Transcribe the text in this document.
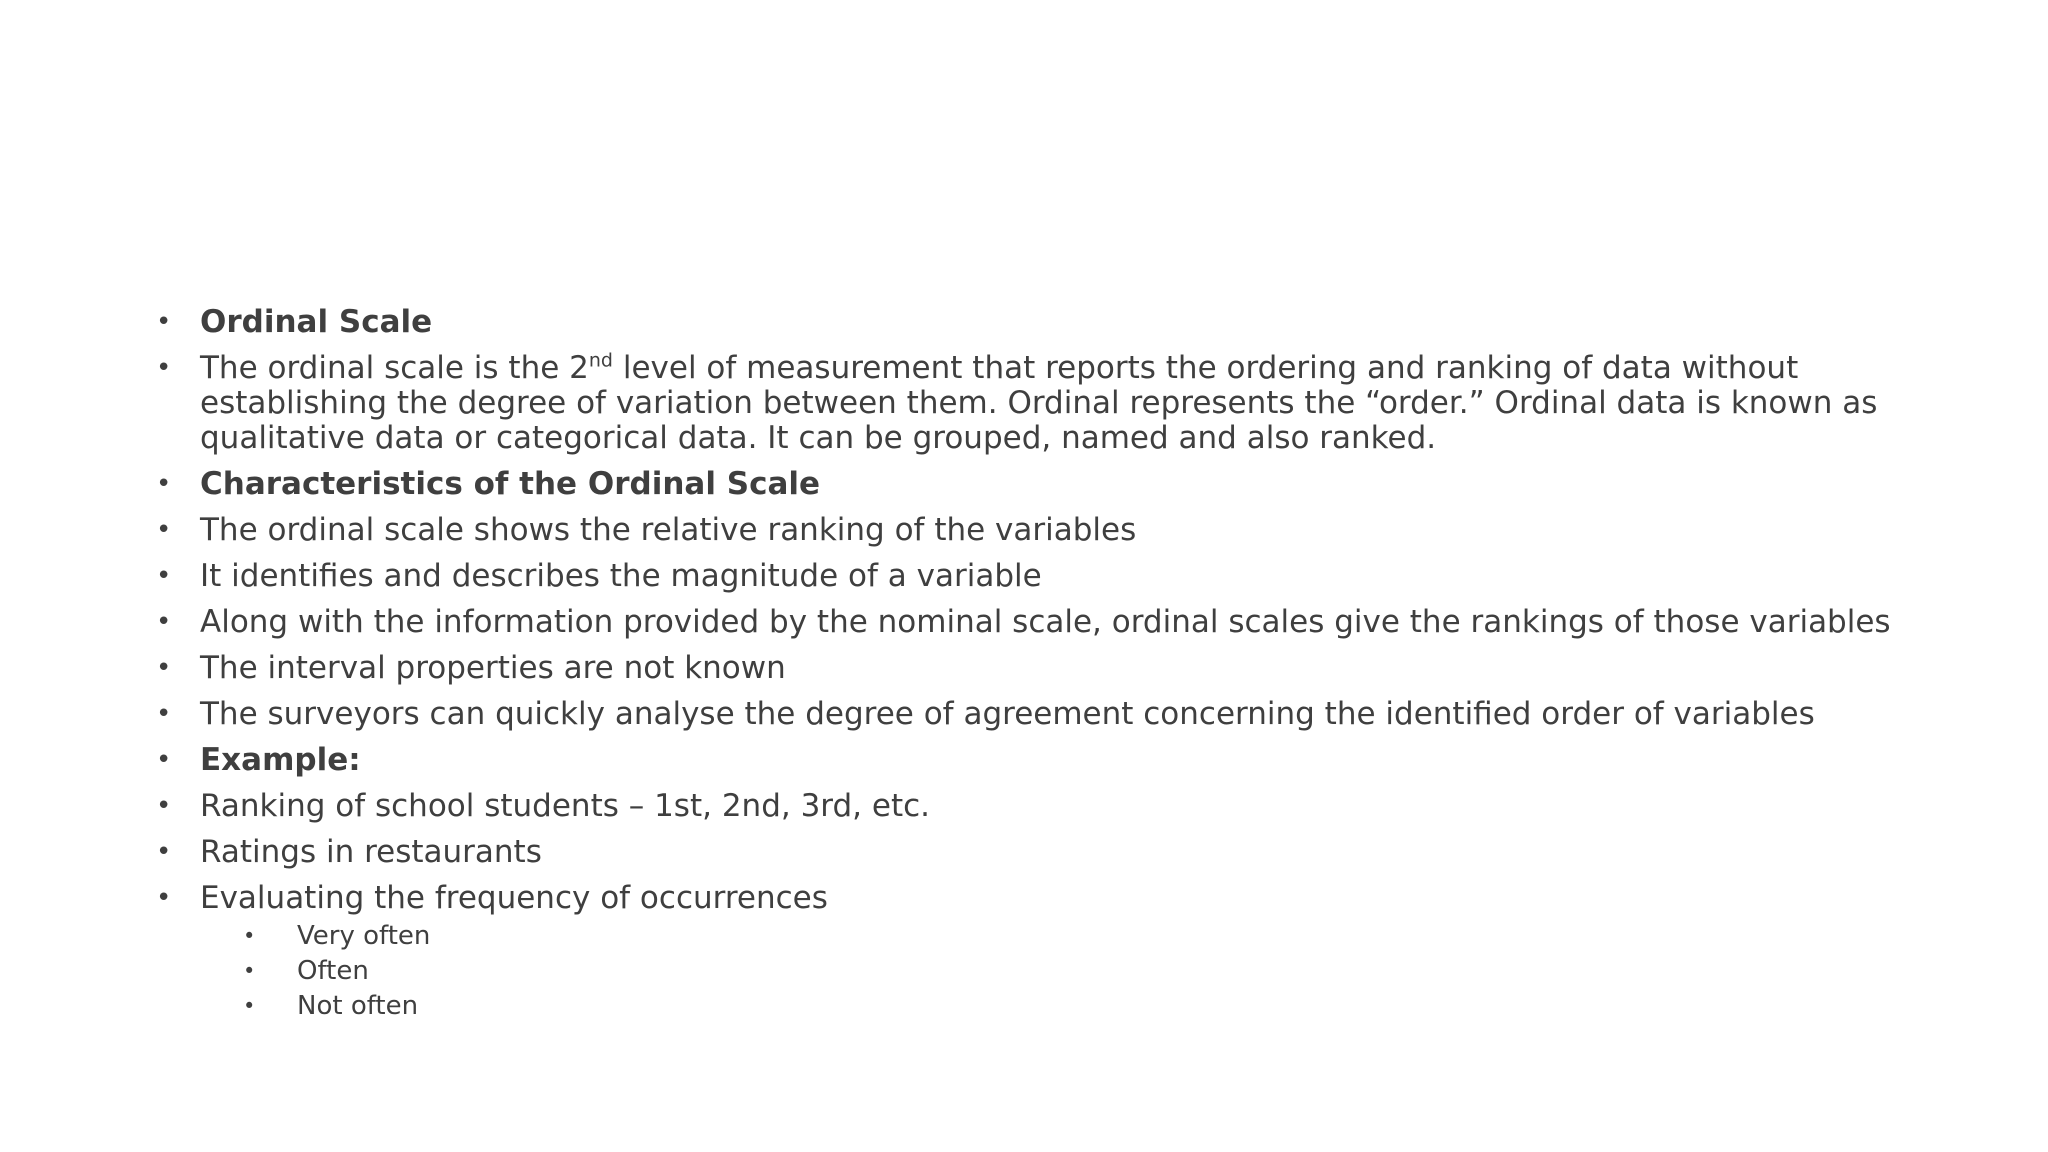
• Ordinal Scale
• The ordinal scale is the 2nd level of measurement that reports the ordering and ranking of data without establishing the degree of variation between them. Ordinal represents the “order.” Ordinal data is known as qualitative data or categorical data. It can be grouped, named and also ranked.
• Characteristics of the Ordinal Scale
• The ordinal scale shows the relative ranking of the variables
• It identifies and describes the magnitude of a variable
• Along with the information provided by the nominal scale, ordinal scales give the rankings of those variables
• The interval properties are not known
• The surveyors can quickly analyse the degree of agreement concerning the identified order of variables
• Example:
• Ranking of school students – 1st, 2nd, 3rd, etc.
• Ratings in restaurants
• Evaluating the frequency of occurrences
• Very often
• Often
• Not often
